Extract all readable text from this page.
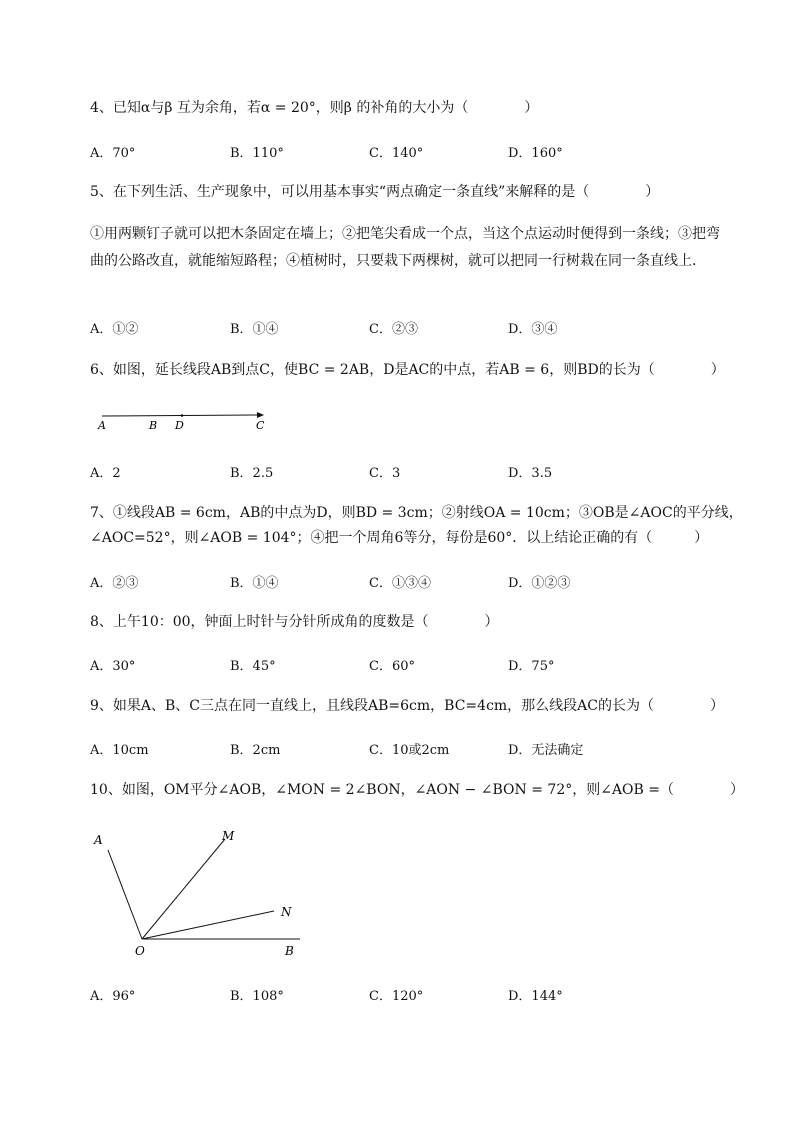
4、已知α与β 互为余角，若α = 20°，则β 的补角的大小为（　　　　）
A．70°	B．110°	C．140°	D．160°
5、在下列生活、生产现象中，可以用基本事实“两点确定一条直线”来解释的是（　　　　）
①用两颗钉子就可以把木条固定在墙上；②把笔尖看成一个点，当这个点运动时便得到一条线；③把弯曲的公路改直，就能缩短路程；④植树时，只要栽下两棵树，就可以把同一行树栽在同一条直线上．
A．①②	B．①④	C．②③	D．③④
6、如图，延长线段AB到点C，使BC = 2AB，D是AC的中点，若AB = 6，则BD的长为（　　　　）
A	B D	C
A．2	B．2.5	C．3	D．3.5
7、①线段AB = 6cm，AB的中点为D，则BD = 3cm；②射线OA = 10cm；③OB是∠AOC的平分线，
∠AOC=52°，则∠AOB = 104°；④把一个周角6等分，每份是60°．以上结论正确的有（　　　）
A．②③	B．①④	C．①③④	D．①②③
8、上午10：00，钟面上时针与分针所成角的度数是（　　　　）
A．30°	B．45°	C．60°	D．75°
9、如果A、B、C三点在同一直线上，且线段AB=6cm，BC=4cm，那么线段AC的长为（　　　　）
A．10cm	B．2cm	C．10或2cm	D．无法确定
10、如图，OM平分∠AOB，∠MON = 2∠BON，∠AON − ∠BON = 72°，则∠AOB =（　　　　）
A	M
N
O	B
A．96°	B．108°	C．120°	D．144°
